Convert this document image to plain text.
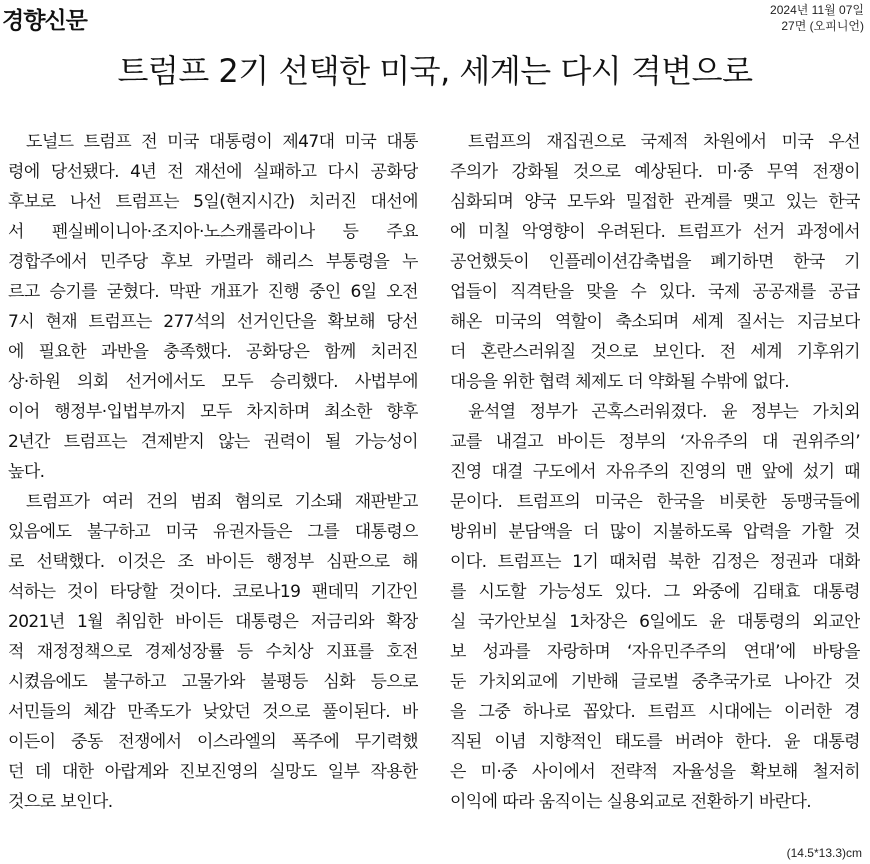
경향신문	2024년 11월 07일
27면 (오피니언)
트럼프 2기 선택한 미국, 세계는 다시 격변으로
도널드 트럼프 전 미국 대통령이 제47대 미국 대통
령에 당선됐다. 4년 전 재선에 실패하고 다시 공화당
후보로 나선 트럼프는 5일(현지시간) 치러진 대선에
서 펜실베이니아·조지아·노스캐롤라이나 등 주요
경합주에서 민주당 후보 카멀라 해리스 부통령을 누
르고 승기를 굳혔다. 막판 개표가 진행 중인 6일 오전
7시 현재 트럼프는 277석의 선거인단을 확보해 당선
에 필요한 과반을 충족했다. 공화당은 함께 치러진
상·하원 의회 선거에서도 모두 승리했다. 사법부에
이어 행정부·입법부까지 모두 차지하며 최소한 향후
2년간 트럼프는 견제받지 않는 권력이 될 가능성이
높다.
트럼프가 여러 건의 범죄 혐의로 기소돼 재판받고
있음에도 불구하고 미국 유권자들은 그를 대통령으
로 선택했다. 이것은 조 바이든 행정부 심판으로 해
석하는 것이 타당할 것이다. 코로나19 팬데믹 기간인
2021년 1월 취임한 바이든 대통령은 저금리와 확장
적 재정정책으로 경제성장률 등 수치상 지표를 호전
시켰음에도 불구하고 고물가와 불평등 심화 등으로
서민들의 체감 만족도가 낮았던 것으로 풀이된다. 바
이든이 중동 전쟁에서 이스라엘의 폭주에 무기력했
던 데 대한 아랍계와 진보진영의 실망도 일부 작용한
것으로 보인다.
트럼프의 재집권으로 국제적 차원에서 미국 우선
주의가 강화될 것으로 예상된다. 미·중 무역 전쟁이
심화되며 양국 모두와 밀접한 관계를 맺고 있는 한국
에 미칠 악영향이 우려된다. 트럼프가 선거 과정에서
공언했듯이 인플레이션감축법을 폐기하면 한국 기
업들이 직격탄을 맞을 수 있다. 국제 공공재를 공급
해온 미국의 역할이 축소되며 세계 질서는 지금보다
더 혼란스러워질 것으로 보인다. 전 세계 기후위기
대응을 위한 협력 체제도 더 약화될 수밖에 없다.
윤석열 정부가 곤혹스러워졌다. 윤 정부는 가치외
교를 내걸고 바이든 정부의 ‘자유주의 대 권위주의’
진영 대결 구도에서 자유주의 진영의 맨 앞에 섰기 때
문이다. 트럼프의 미국은 한국을 비롯한 동맹국들에
방위비 분담액을 더 많이 지불하도록 압력을 가할 것
이다. 트럼프는 1기 때처럼 북한 김정은 정권과 대화
를 시도할 가능성도 있다. 그 와중에 김태효 대통령
실 국가안보실 1차장은 6일에도 윤 대통령의 외교안
보 성과를 자랑하며 ‘자유민주주의 연대’에 바탕을
둔 가치외교에 기반해 글로벌 중추국가로 나아간 것
을 그중 하나로 꼽았다. 트럼프 시대에는 이러한 경
직된 이념 지향적인 태도를 버려야 한다. 윤 대통령
은 미·중 사이에서 전략적 자율성을 확보해 철저히
이익에 따라 움직이는 실용외교로 전환하기 바란다.
(14.5*13.3)cm
